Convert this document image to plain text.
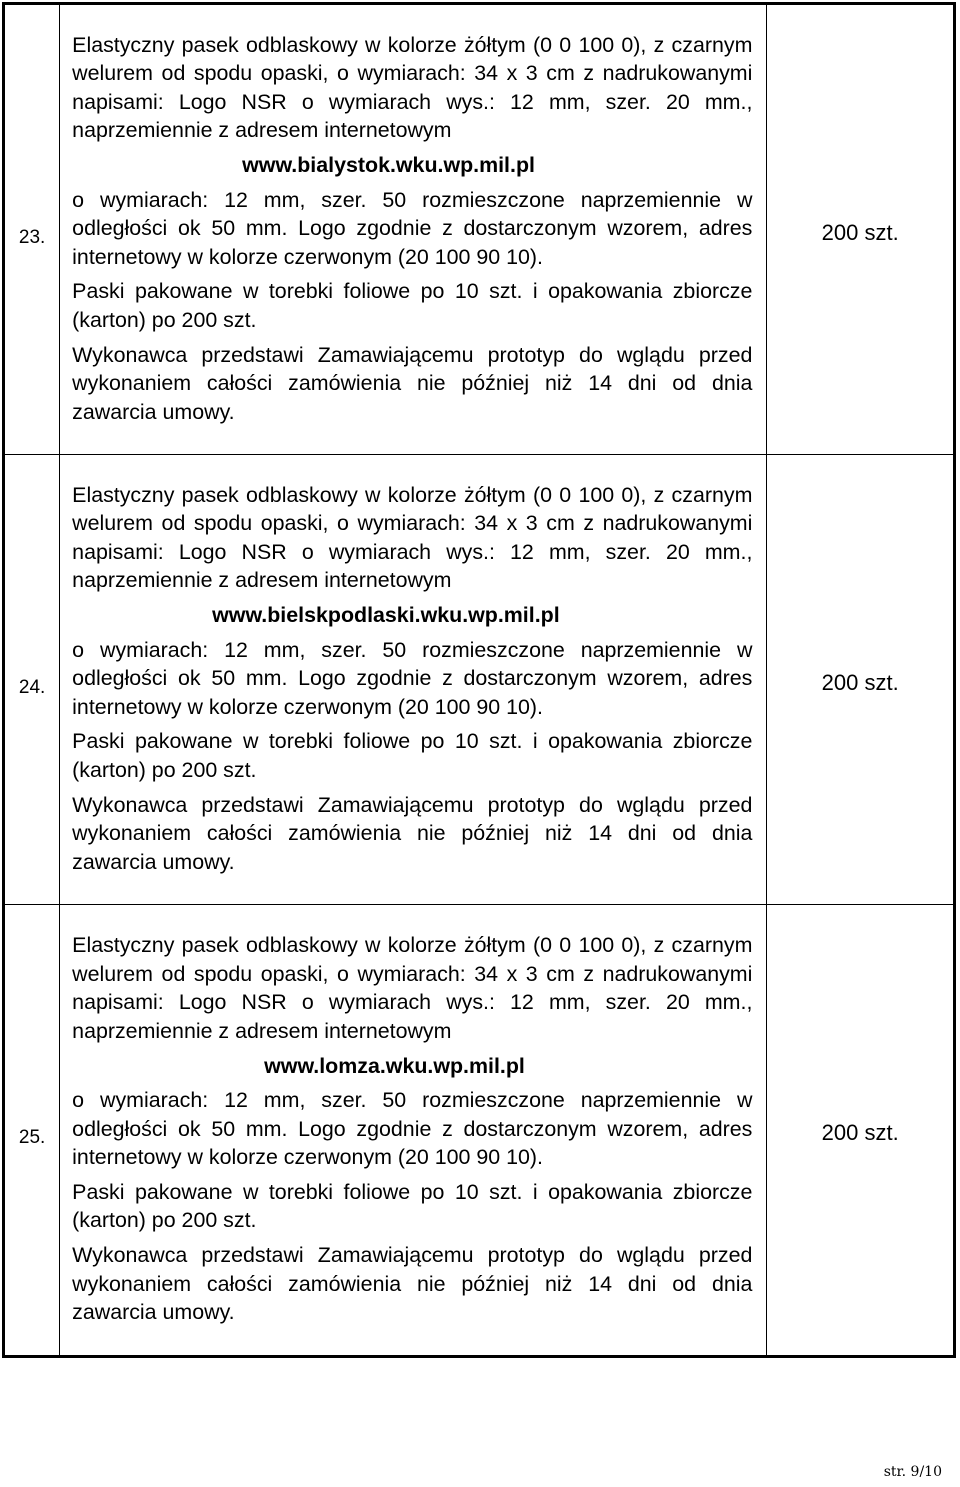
23.	Elastyczny pasek odblaskowy w kolorze żółtym (0 0 100 0), z czarnym welurem od spodu opaski, o wymiarach: 34 x 3 cm z nadrukowanymi napisami: Logo NSR o wymiarach wys.: 12 mm, szer. 20 mm., naprzemiennie z adresem internetowym

www.bialystok.wku.wp.mil.pl

o wymiarach: 12 mm, szer. 50 rozmieszczone naprzemiennie w odległości ok 50 mm. Logo zgodnie z dostarczonym wzorem, adres internetowy w kolorze czerwonym (20 100 90 10).

Paski pakowane w torebki foliowe po 10 szt. i opakowania zbiorcze (karton) po 200 szt.

Wykonawca przedstawi Zamawiającemu prototyp do wglądu przed wykonaniem całości zamówienia nie później niż 14 dni od dnia zawarcia umowy.	200 szt.
24.	Elastyczny pasek odblaskowy w kolorze żółtym (0 0 100 0), z czarnym welurem od spodu opaski, o wymiarach: 34 x 3 cm z nadrukowanymi napisami: Logo NSR o wymiarach wys.: 12 mm, szer. 20 mm., naprzemiennie z adresem internetowym

www.bielskpodlaski.wku.wp.mil.pl

o wymiarach: 12 mm, szer. 50 rozmieszczone naprzemiennie w odległości ok 50 mm. Logo zgodnie z dostarczonym wzorem, adres internetowy w kolorze czerwonym (20 100 90 10).

Paski pakowane w torebki foliowe po 10 szt. i opakowania zbiorcze (karton) po 200 szt.

Wykonawca przedstawi Zamawiającemu prototyp do wglądu przed wykonaniem całości zamówienia nie później niż 14 dni od dnia zawarcia umowy.	200 szt.
25.	Elastyczny pasek odblaskowy w kolorze żółtym (0 0 100 0), z czarnym welurem od spodu opaski, o wymiarach: 34 x 3 cm z nadrukowanymi napisami: Logo NSR o wymiarach wys.: 12 mm, szer. 20 mm., naprzemiennie z adresem internetowym

www.lomza.wku.wp.mil.pl

o wymiarach: 12 mm, szer. 50 rozmieszczone naprzemiennie w odległości ok 50 mm. Logo zgodnie z dostarczonym wzorem, adres internetowy w kolorze czerwonym (20 100 90 10).

Paski pakowane w torebki foliowe po 10 szt. i opakowania zbiorcze (karton) po 200 szt.

Wykonawca przedstawi Zamawiającemu prototyp do wglądu przed wykonaniem całości zamówienia nie później niż 14 dni od dnia zawarcia umowy.	200 szt.
str. 9/10
